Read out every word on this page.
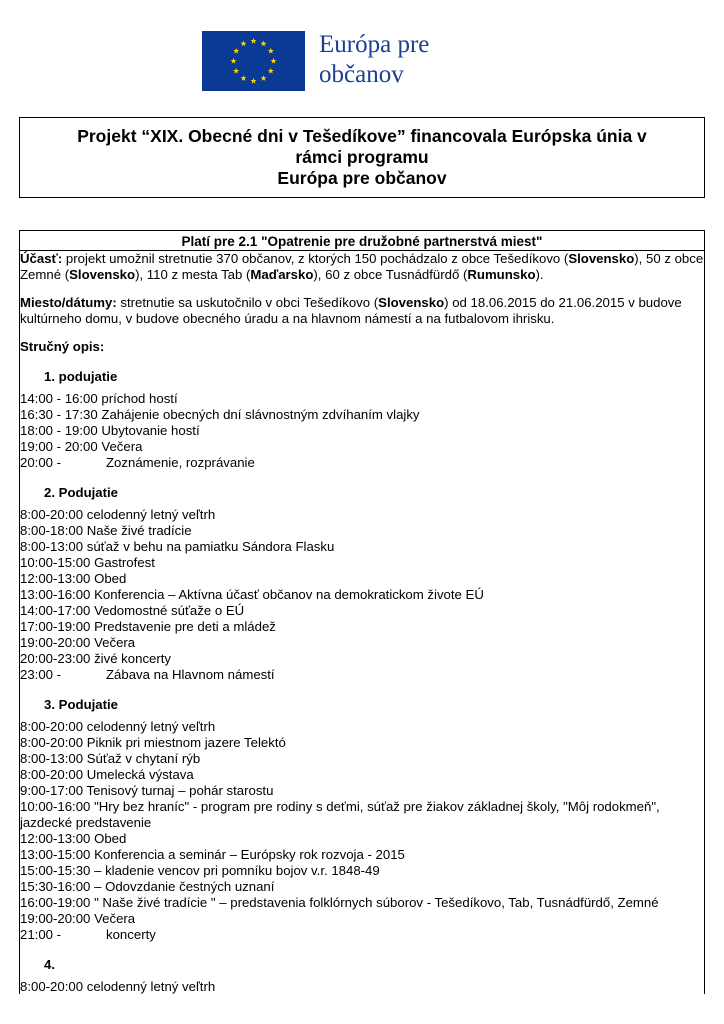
Európa pre
občanov
Projekt “XIX. Obecné dni v Tešedíkove” financovala Európska únia v
rámci programu
Európa pre občanov
Platí pre 2.1 "Opatrenie pre družobné partnerstvá miest"

Účasť: projekt umožnil stretnutie 370 občanov, z ktorých 150 pochádzalo z obce Tešedíkovo (Slovensko), 50 z obce Zemné (Slovensko), 110 z mesta Tab (Maďarsko), 60 z obce Tusnádfürdő (Rumunsko).

Miesto/dátumy: stretnutie sa uskutočnilo v obci Tešedíkovo (Slovensko) od 18.06.2015 do 21.06.2015 v budove kultúrneho domu, v budove obecného úradu a na hlavnom námestí a na futbalovom ihrisku.

Stručný opis:
1. podujatie
14:00 - 16:00 príchod hostí
16:30 - 17:30 Zahájenie obecných dní slávnostným zdvíhaním vlajky
18:00 - 19:00 Ubytovanie hostí
19:00 - 20:00 Večera
20:00 -	Zoznámenie, rozprávanie
2. Podujatie
8:00-20:00 celodenný letný veľtrh
8:00-18:00 Naše živé tradície
8:00-13:00 súťaž v behu na pamiatku Sándora Flasku
10:00-15:00 Gastrofest
12:00-13:00 Obed
13:00-16:00 Konferencia – Aktívna účasť občanov na demokratickom živote EÚ
14:00-17:00 Vedomostné súťaže o EÚ
17:00-19:00 Predstavenie pre deti a mládež
19:00-20:00 Večera
20:00-23:00 živé koncerty
23:00 -	Zábava na Hlavnom námestí
3. Podujatie
8:00-20:00 celodenný letný veľtrh
8:00-20:00 Piknik pri miestnom jazere Telektó
8:00-13:00 Súťaž v chytaní rýb
8:00-20:00 Umelecká výstava
9:00-17:00 Tenisový turnaj – pohár starostu
10:00-16:00 "Hry bez hraníc" - program pre rodiny s deťmi, súťaž pre žiakov základnej školy, "Môj rodokmeň", jazdecké predstavenie
12:00-13:00 Obed
13:00-15:00 Konferencia a seminár – Európsky rok rozvoja - 2015
15:00-15:30 – kladenie vencov pri pomníku bojov v.r. 1848-49
15:30-16:00 – Odovzdanie čestných uznaní
16:00-19:00 " Naše živé tradície " – predstavenia folklórnych súborov - Tešedíkovo, Tab, Tusnádfürdő, Zemné
19:00-20:00 Večera
21:00 -	koncerty
4.
8:00-20:00 celodenný letný veľtrh
